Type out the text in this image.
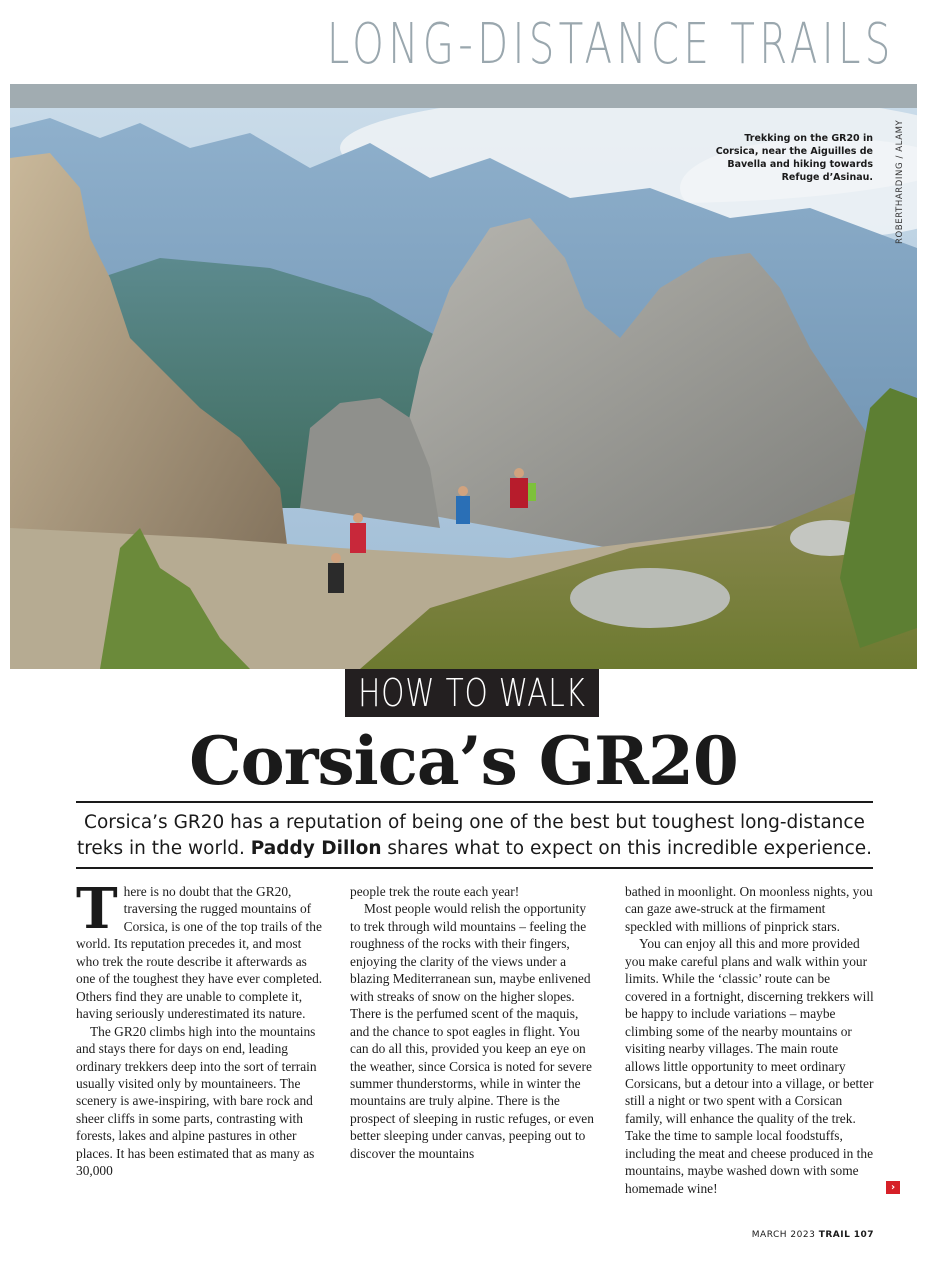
LONG-DISTANCE TRAILS
Trekking on the GR20 in Corsica, near the Aiguilles de Bavella and hiking towards Refuge d’Asinau.	ROBERTHARDING / ALAMY
HOW TO WALK
Corsica’s GR20
Corsica’s GR20 has a reputation of being one of the best but toughest long-distance treks in the world. Paddy Dillon shares what to expect on this incredible experience.

There is no doubt that the GR20, traversing the rugged mountains of Corsica, is one of the top trails of the world. Its reputation precedes it, and most who trek the route describe it afterwards as one of the toughest they have ever completed. Others find they are unable to complete it, having seriously underestimated its nature.

The GR20 climbs high into the mountains and stays there for days on end, leading ordinary trekkers deep into the sort of terrain usually visited only by mountaineers. The scenery is awe-inspiring, with bare rock and sheer cliffs in some parts, contrasting with forests, lakes and alpine pastures in other places. It has been estimated that as many as 30,000

people trek the route each year!

Most people would relish the opportunity to trek through wild mountains – feeling the roughness of the rocks with their fingers, enjoying the clarity of the views under a blazing Mediterranean sun, maybe enlivened with streaks of snow on the higher slopes. There is the perfumed scent of the maquis, and the chance to spot eagles in flight. You can do all this, provided you keep an eye on the weather, since Corsica is noted for severe summer thunderstorms, while in winter the mountains are truly alpine. There is the prospect of sleeping in rustic refuges, or even better sleeping under canvas, peeping out to discover the mountains

bathed in moonlight. On moonless nights, you can gaze awe-struck at the firmament speckled with millions of pinprick stars.

You can enjoy all this and more provided you make careful plans and walk within your limits. While the ‘classic’ route can be covered in a fortnight, discerning trekkers will be happy to include variations – maybe climbing some of the nearby mountains or visiting nearby villages. The main route allows little opportunity to meet ordinary Corsicans, but a detour into a village, or better still a night or two spent with a Corsican family, will enhance the quality of the trek. Take the time to sample local foodstuffs, including the meat and cheese produced in the mountains, maybe washed down with some homemade wine!	›
MARCH 2023 TRAIL 107
